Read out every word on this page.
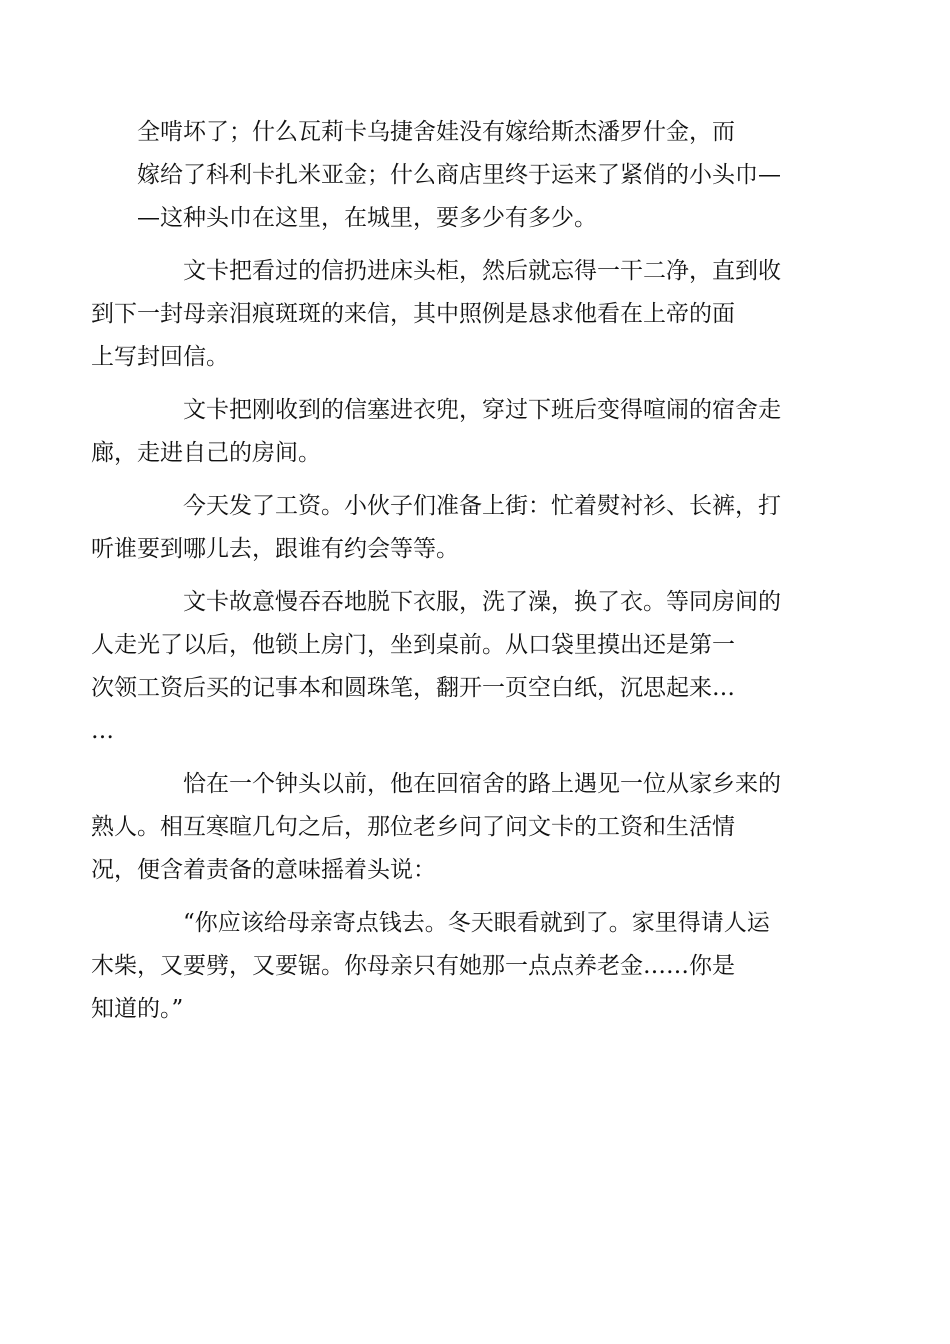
全啃坏了；什么瓦莉卡乌捷舍娃没有嫁给斯杰潘罗什金，而
嫁给了科利卡扎米亚金；什么商店里终于运来了紧俏的小头巾—
—这种头巾在这里，在城里，要多少有多少。

文卡把看过的信扔进床头柜，然后就忘得一干二净，直到收
到下一封母亲泪痕斑斑的来信，其中照例是恳求他看在上帝的面
上写封回信。

文卡把刚收到的信塞进衣兜，穿过下班后变得喧闹的宿舍走
廊，走进自己的房间。

今天发了工资。小伙子们准备上街：忙着熨衬衫、长裤，打
听谁要到哪儿去，跟谁有约会等等。

文卡故意慢吞吞地脱下衣服，洗了澡，换了衣。等同房间的
人走光了以后，他锁上房门，坐到桌前。从口袋里摸出还是第一
次领工资后买的记事本和圆珠笔，翻开一页空白纸，沉思起来…
…

恰在一个钟头以前，他在回宿舍的路上遇见一位从家乡来的
熟人。相互寒暄几句之后，那位老乡问了问文卡的工资和生活情
况，便含着责备的意味摇着头说：

“你应该给母亲寄点钱去。冬天眼看就到了。家里得请人运
木柴，又要劈，又要锯。你母亲只有她那一点点养老金……你是
知道的。”
